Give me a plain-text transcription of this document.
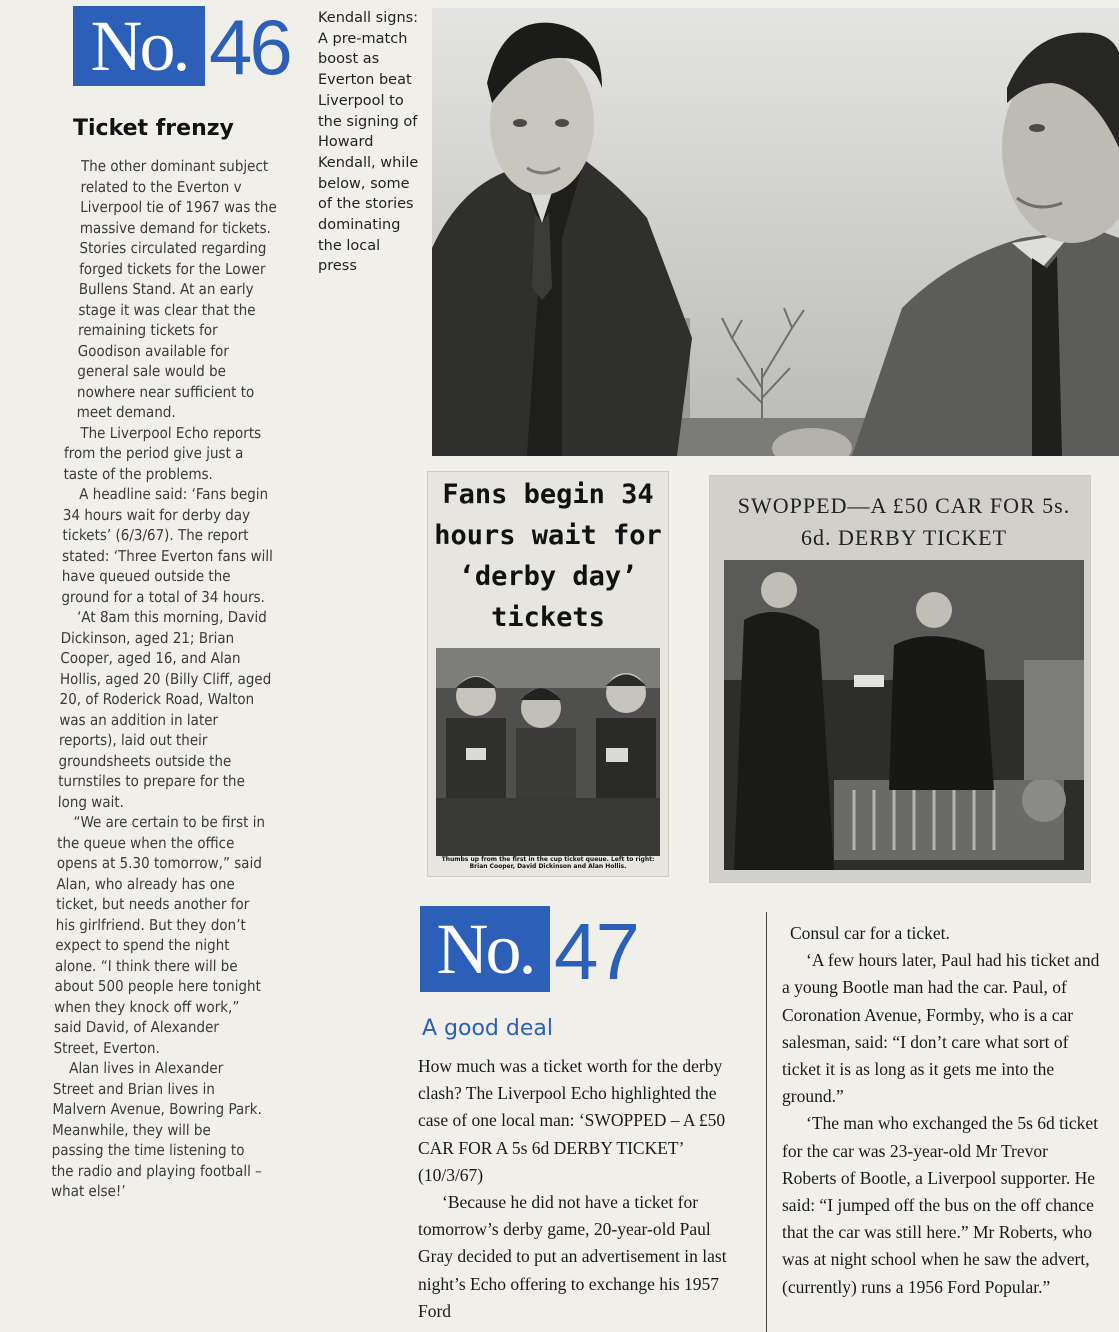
No. 46
Ticket frenzy

The other dominant subject related to the Everton v Liverpool tie of 1967 was the massive demand for tickets. Stories circulated regarding forged tickets for the Lower Bullens Stand. At an early stage it was clear that the remaining tickets for Goodison available for general sale would be nowhere near sufficient to meet demand.

The Liverpool Echo reports from the period give just a taste of the problems.

A headline said: ‘Fans begin 34 hours wait for derby day tickets’ (6/3/67). The report stated: ‘Three Everton fans will have queued outside the ground for a total of 34 hours.

‘At 8am this morning, David Dickinson, aged 21; Brian Cooper, aged 16, and Alan Hollis, aged 20 (Billy Cliff, aged 20, of Roderick Road, Walton was an addition in later reports), laid out their groundsheets outside the turnstiles to prepare for the long wait.

“We are certain to be first in the queue when the office opens at 5.30 tomorrow,” said Alan, who already has one ticket, but needs another for his girlfriend. But they don’t expect to spend the night alone. “I think there will be about 500 people here tonight when they knock off work,” said David, of Alexander Street, Everton.

Alan lives in Alexander Street and Brian lives in Malvern Avenue, Bowring Park. Meanwhile, they will be passing the time listening to the radio and playing football – what else!’

Kendall signs: A pre-match boost as Everton beat Liverpool to the signing of Howard Kendall, while below, some of the stories dominating the local press
Fans begin 34 hours wait for ‘derby day’ tickets
Thumbs up from the first in the cup ticket queue. Left to right: Brian Cooper, David Dickinson and Alan Hollis.
SWOPPED—A £50 CAR FOR 5s. 6d. DERBY TICKET
No. 47
A good deal

How much was a ticket worth for the derby clash? The Liverpool Echo highlighted the case of one local man: ‘SWOPPED – A £50 CAR FOR A 5s 6d DERBY TICKET’ (10/3/67)

‘Because he did not have a ticket for tomorrow’s derby game, 20-year-old Paul Gray decided to put an advertisement in last night’s Echo offering to exchange his 1957 Ford

Consul car for a ticket.

‘A few hours later, Paul had his ticket and a young Bootle man had the car. Paul, of Coronation Avenue, Formby, who is a car salesman, said: “I don’t care what sort of ticket it is as long as it gets me into the ground.”

‘The man who exchanged the 5s 6d ticket for the car was 23-year-old Mr Trevor Roberts of Bootle, a Liverpool supporter. He said: “I jumped off the bus on the off chance that the car was still here.” Mr Roberts, who was at night school when he saw the advert, (currently) runs a 1956 Ford Popular.”
